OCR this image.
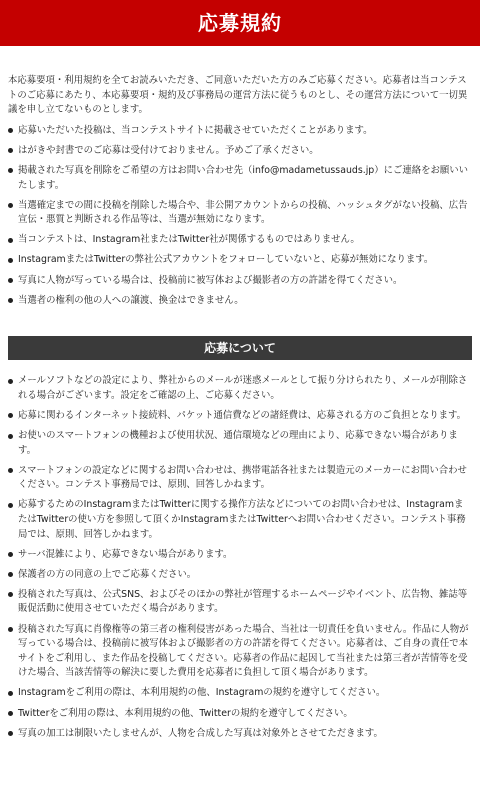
応募規約

本応募要項・利用規約を全てお読みいただき、ご同意いただいた方のみご応募ください。応募者は当コンテストのご応募にあたり、本応募要項・規約及び事務局の運営方法に従うものとし、その運営方法について一切異議を申し立てないものとします。

応募いただいた投稿は、当コンテストサイトに掲載させていただくことがあります。
はがきや封書でのご応募は受付けておりません。予めご了承ください。
掲載された写真を削除をご希望の方はお問い合わせ先（info@madametussauds.jp）にご連絡をお願いいたします。
当選確定までの間に投稿を削除した場合や、非公開アカウントからの投稿、ハッシュタグがない投稿、広告宣伝・悪質と判断される作品等は、当選が無効になります。
当コンテストは、Instagram社またはTwitter社が関係するものではありません。
InstagramまたはTwitterの弊社公式アカウントをフォローしていないと、応募が無効になります。
写真に人物が写っている場合は、投稿前に被写体および撮影者の方の許諾を得てください。
当選者の権利の他の人への譲渡、換金はできません。
応募について
メールソフトなどの設定により、弊社からのメールが迷惑メールとして振り分けられたり、メールが削除される場合がございます。設定をご確認の上、ご応募ください。
応募に関わるインターネット接続料、パケット通信費などの諸経費は、応募される方のご負担となります。
お使いのスマートフォンの機種および使用状況、通信環境などの理由により、応募できない場合があります。
スマートフォンの設定などに関するお問い合わせは、携帯電話各社または製造元のメーカーにお問い合わせください。コンテスト事務局では、原則、回答しかねます。
応募するためのInstagramまたはTwitterに関する操作方法などについてのお問い合わせは、InstagramまたはTwitterの使い方を参照して頂くかInstagramまたはTwitterへお問い合わせください。コンテスト事務局では、原則、回答しかねます。
サーバ混雑により、応募できない場合があります。
保護者の方の同意の上でご応募ください。
投稿された写真は、公式SNS、およびそのほかの弊社が管理するホームページやイベント、広告物、雑誌等販促活動に使用させていただく場合があります。
投稿された写真に肖像権等の第三者の権利侵害があった場合、当社は一切責任を負いません。作品に人物が写っている場合は、投稿前に被写体および撮影者の方の許諾を得てください。応募者は、ご自身の責任で本サイトをご利用し、また作品を投稿してください。応募者の作品に起因して当社または第三者が苦情等を受けた場合、当該苦情等の解決に要した費用を応募者に負担して頂く場合があります。
Instagramをご利用の際は、本利用規約の他、Instagramの規約を遵守してください。
Twitterをご利用の際は、本利用規約の他、Twitterの規約を遵守してください。
写真の加工は制限いたしませんが、人物を合成した写真は対象外とさせてただきます。
